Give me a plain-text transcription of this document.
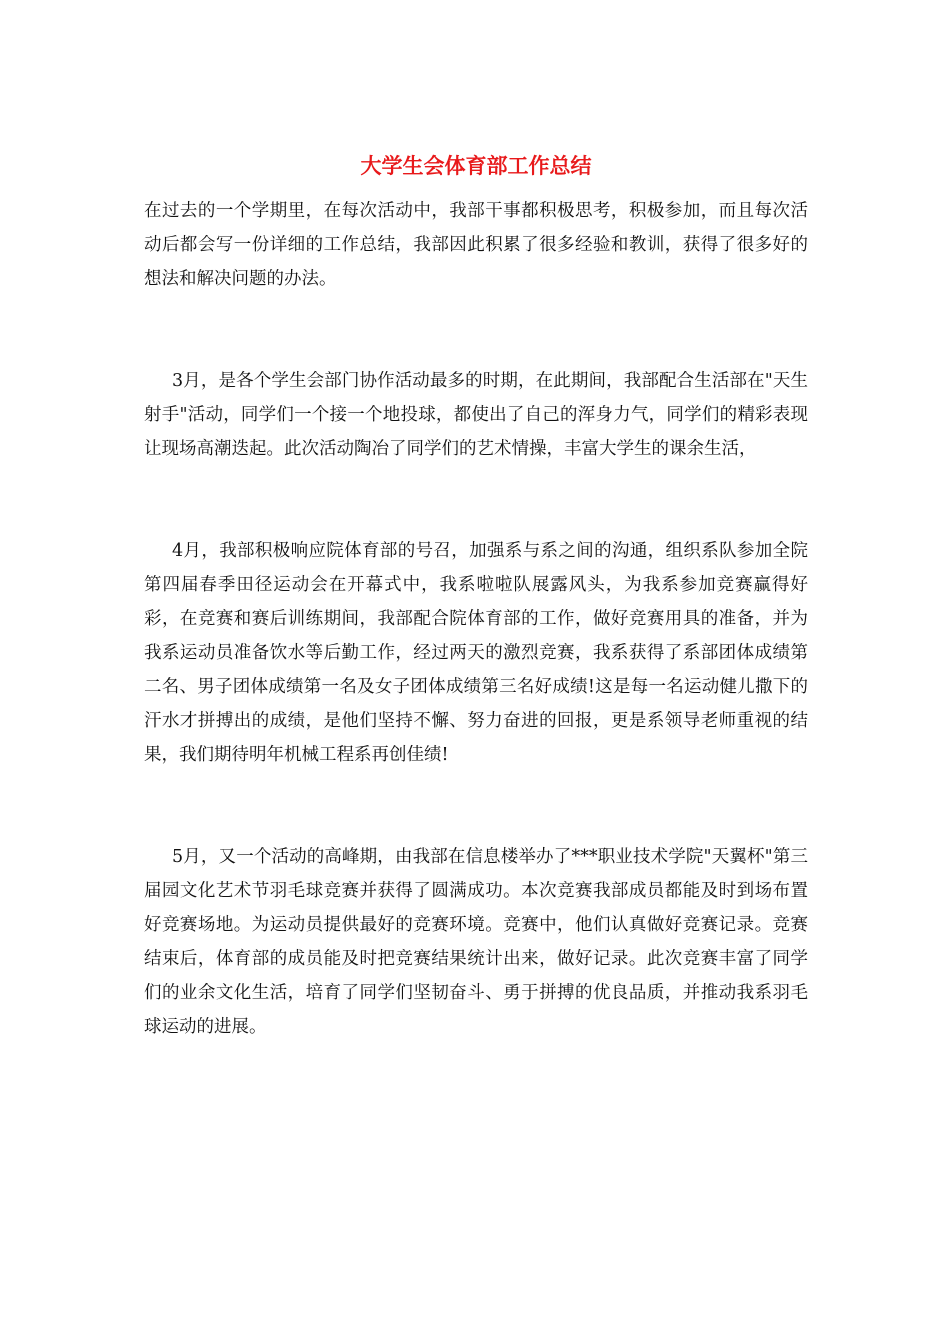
大学生会体育部工作总结

在过去的一个学期里，在每次活动中，我部干事都积极思考，积极参加，而且每次活动后都会写一份详细的工作总结，我部因此积累了很多经验和教训，获得了很多好的想法和解决问题的办法。

3月，是各个学生会部门协作活动最多的时期，在此期间，我部配合生活部在"天生射手"活动，同学们一个接一个地投球，都使出了自己的浑身力气，同学们的精彩表现让现场高潮迭起。此次活动陶冶了同学们的艺术情操，丰富大学生的课余生活，

4月，我部积极响应院体育部的号召，加强系与系之间的沟通，组织系队参加全院第四届春季田径运动会在开幕式中，我系啦啦队展露风头，为我系参加竞赛赢得好彩，在竞赛和赛后训练期间，我部配合院体育部的工作，做好竞赛用具的准备，并为我系运动员准备饮水等后勤工作，经过两天的激烈竞赛，我系获得了系部团体成绩第二名、男子团体成绩第一名及女子团体成绩第三名好成绩!这是每一名运动健儿撒下的汗水才拼搏出的成绩，是他们坚持不懈、努力奋进的回报，更是系领导老师重视的结果，我们期待明年机械工程系再创佳绩!

5月，又一个活动的高峰期，由我部在信息楼举办了***职业技术学院"天翼杯"第三届园文化艺术节羽毛球竞赛并获得了圆满成功。本次竞赛我部成员都能及时到场布置好竞赛场地。为运动员提供最好的竞赛环境。竞赛中，他们认真做好竞赛记录。竞赛结束后，体育部的成员能及时把竞赛结果统计出来，做好记录。此次竞赛丰富了同学们的业余文化生活，培育了同学们坚韧奋斗、勇于拼搏的优良品质，并推动我系羽毛球运动的进展。
